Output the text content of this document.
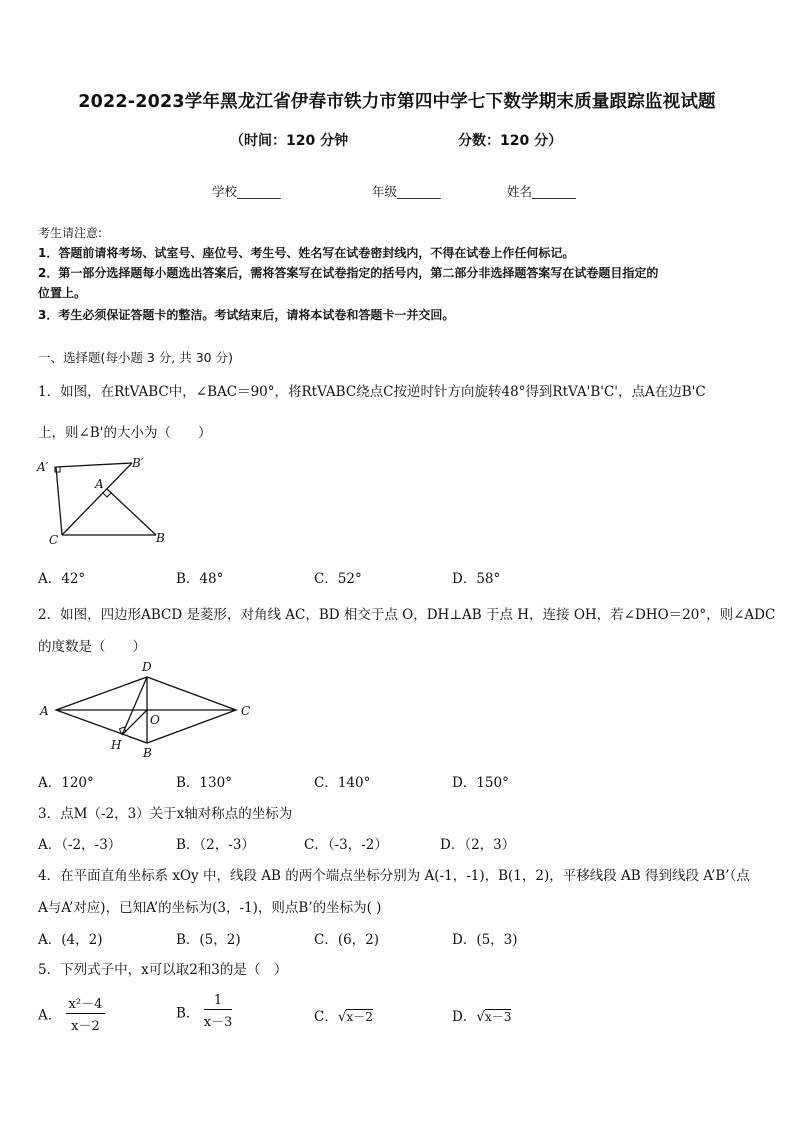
2022-2023学年黑龙江省伊春市铁力市第四中学七下数学期末质量跟踪监视试题
（时间：120 分钟	分数：120 分）
学校_______	年级_______	姓名_______
考生请注意:
1．答题前请将考场、试室号、座位号、考生号、姓名写在试卷密封线内，不得在试卷上作任何标记。
2．第一部分选择题每小题选出答案后，需将答案写在试卷指定的括号内，第二部分非选择题答案写在试卷题目指定的
位置上。
3．考生必须保证答题卡的整洁。考试结束后，请将本试卷和答题卡一并交回。
一、选择题(每小题 3 分, 共 30 分)
1．如图，在RtVABC中，∠BAC＝90°，将RtVABC绕点C按逆时针方向旋转48°得到RtVA'B'C'，点A在边B'C
上，则∠B'的大小为（　　）
A′	B′
A
C	B
A．42°	B．48°	C．52°	D．58°
2．如图，四边形ABCD 是菱形，对角线 AC，BD 相交于点 O，DH⊥AB 于点 H，连接 OH，若∠DHO＝20°，则∠ADC
的度数是（　　）
D
A
O
C
H
B
A．120°	B．130°	C．140°	D．150°
3．点M（-2，3）关于x轴对称点的坐标为
A．（-2，-3）	B．（2，-3）	C．（-3，-2）	D．（2，3）
4．在平面直角坐标系 xOy 中，线段 AB 的两个端点坐标分别为 A(-1，-1)，B(1，2)，平移线段 AB 得到线段 A’B’（点
A与A’对应)，已知A’的坐标为(3，-1)，则点B’的坐标为( )
A．(4，2)	B．(5，2)	C．(6，2)	D．(5，3)
5．下列式子中，x可以取2和3的是（　）
A． $\frac{\text{x²－4}}{x-2}$	B． $\frac{1}{x-3}$	C．√x－2	D．√x－3
